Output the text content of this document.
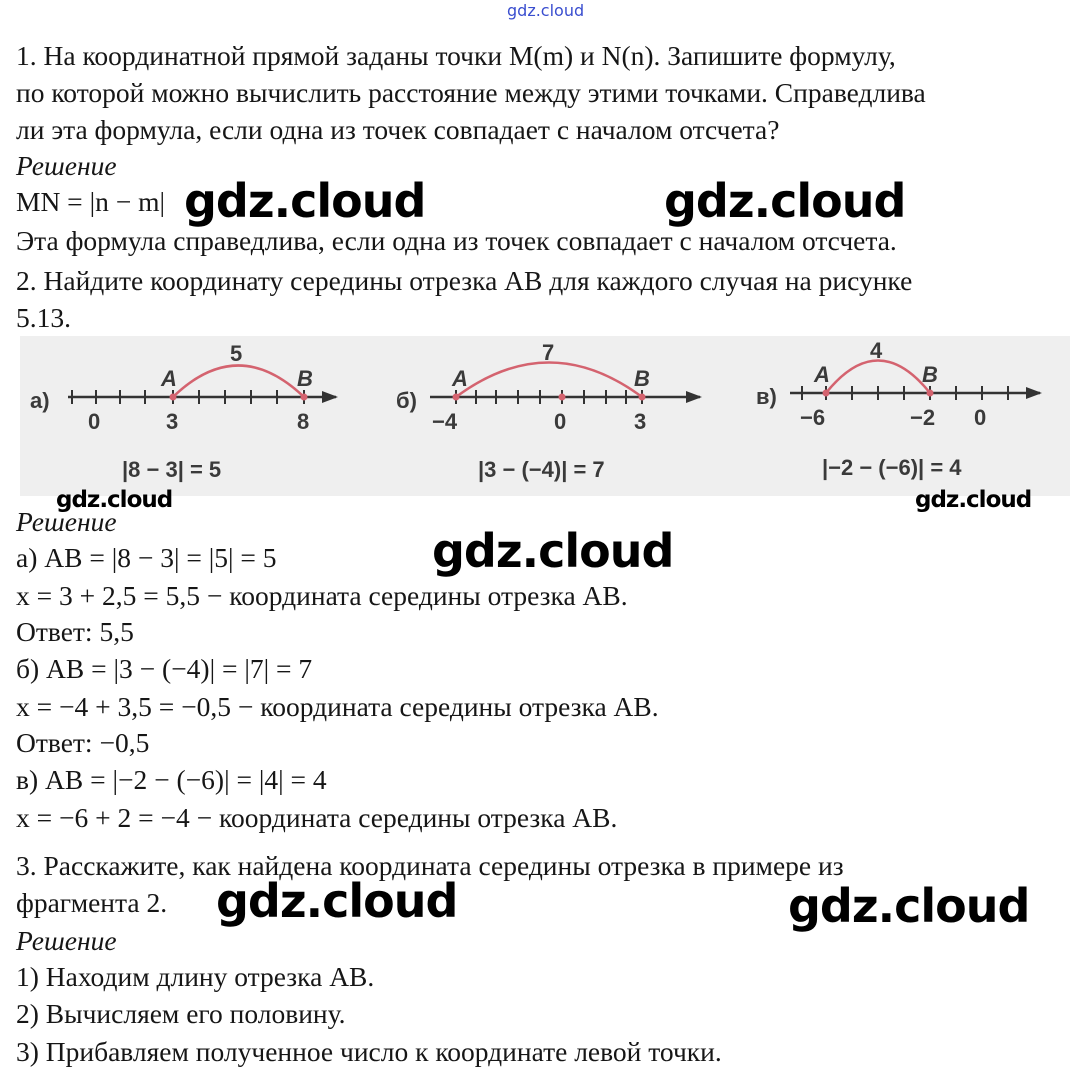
gdz.cloud
1. На координатной прямой заданы точки M(m) и N(n). Запишите формулу,
по которой можно вычислить расстояние между этими точками. Справедлива
ли эта формула, если одна из точек совпадает с началом отсчета?
Решение
MN = |n − m|
Эта формула справедлива, если одна из точек совпадает с началом отсчета.
2. Найдите координату середины отрезка AB для каждого случая на рисунке
5.13.
а)
A	B
5
0	3	8
|8 − 3| = 5
б)
A	B
7
−4	0	3
|3 − (−4)| = 7
в)
A	B
4
−6	−2 0
|−2 − (−6)| = 4
Решение
а) AB = |8 − 3| = |5| = 5
x = 3 + 2,5 = 5,5 − координата середины отрезка AB.
Ответ: 5,5
б) AB = |3 − (−4)| = |7| = 7
x = −4 + 3,5 = −0,5 − координата середины отрезка AB.
Ответ: −0,5
в) AB = |−2 − (−6)| = |4| = 4
x = −6 + 2 = −4 − координата середины отрезка AB.
3. Расскажите, как найдена координата середины отрезка в примере из
фрагмента 2.
Решение
1) Находим длину отрезка AB.
2) Вычисляем его половину.
3) Прибавляем полученное число к координате левой точки.
gdz.cloud	gdz.cloud
gdz.cloud	gdz.cloud
gdz.cloud
gdz.cloud	gdz.cloud
